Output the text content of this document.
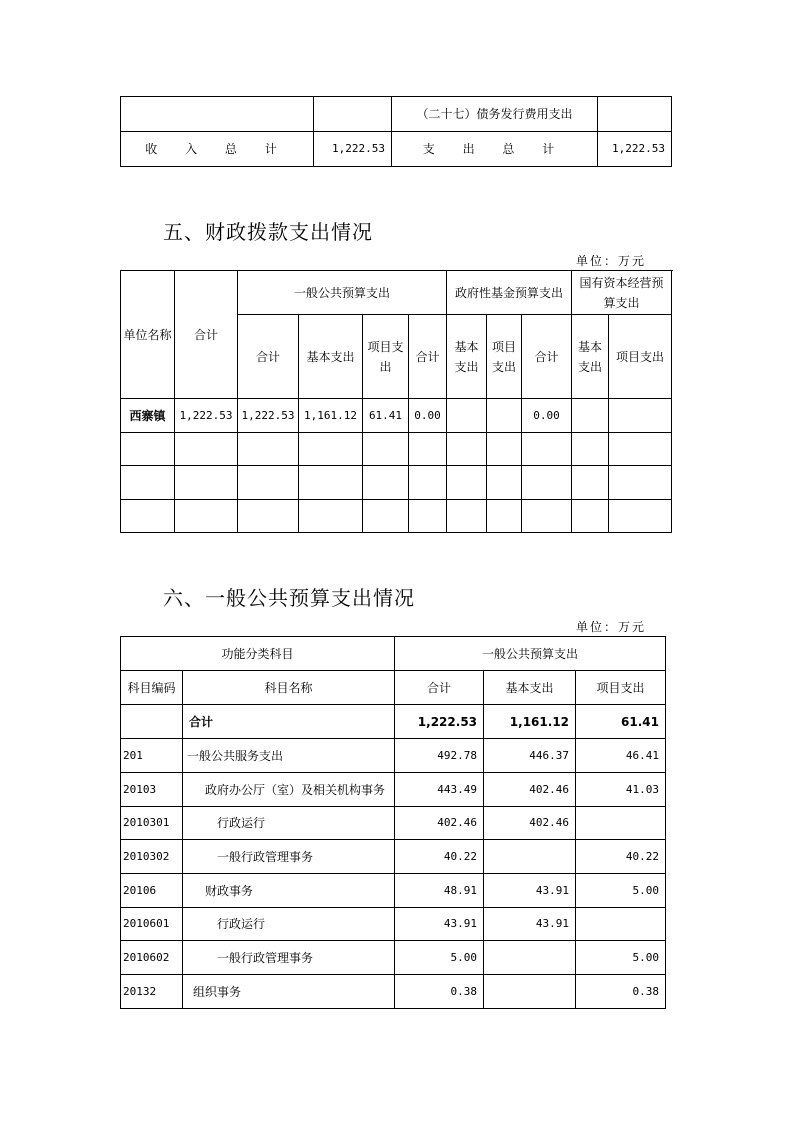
		（二十七）债务发行费用支出	
收 入 总 计	1,222.53	支 出 总 计	1,222.53
五、财政拨款支出情况
单位：万元
单位名称	合计	一般公共预算支出				政府性基金预算支出			国有资本经营预算支出	
		合计	基本支出	项目支出	合计	基本支出	项目支出	合计	基本支出	项目支出
西寨镇	1,222.53	1,222.53	1,161.12	61.41	0.00			0.00		

六、一般公共预算支出情况
单位：万元
功能分类科目		一般公共预算支出		
科目编码	科目名称	合计	基本支出	项目支出
	合计	1,222.53	1,161.12	61.41
201	一般公共服务支出	492.78	446.37	46.41
20103	政府办公厅（室）及相关机构事务	443.49	402.46	41.03
2010301	行政运行	402.46	402.46	
2010302	一般行政管理事务	40.22		40.22
20106	财政事务	48.91	43.91	5.00
2010601	行政运行	43.91	43.91	
2010602	一般行政管理事务	5.00		5.00
20132	组织事务	0.38		0.38
